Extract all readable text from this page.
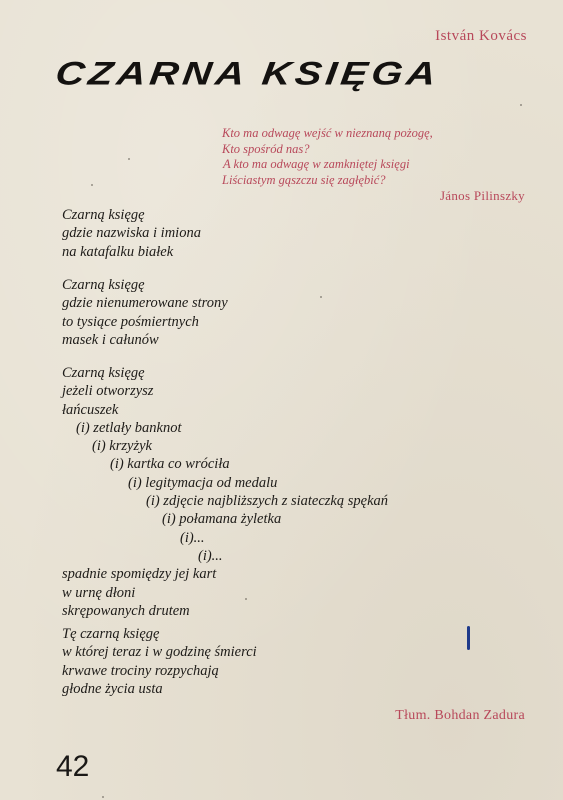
István Kovács
CZARNA KSIĘGA
Kto ma odwagę wejść w nieznaną pożogę,
Kto spośród nas?
A kto ma odwagę w zamkniętej księgi
Liściastym gąszczu się zagłębić?
János Pilinszky
Czarną księgę
gdzie nazwiska i imiona
na katafalku białek
Czarną księgę
gdzie nienumerowane strony
to tysiące pośmiertnych
masek i całunów
Czarną księgę
jeżeli otworzysz
łańcuszek
(i) zetlały banknot
(i) krzyżyk
(i) kartka co wróciła
(i) legitymacja od medalu
(i) zdjęcie najbliższych z siateczką spękań
(i) połamana żyletka
(i)...
(i)...
spadnie spomiędzy jej kart
w urnę dłoni
skrępowanych drutem
Tę czarną księgę
w której teraz i w godzinę śmierci
krwawe trociny rozpychają
głodne życia usta
Tłum. Bohdan Zadura
42
